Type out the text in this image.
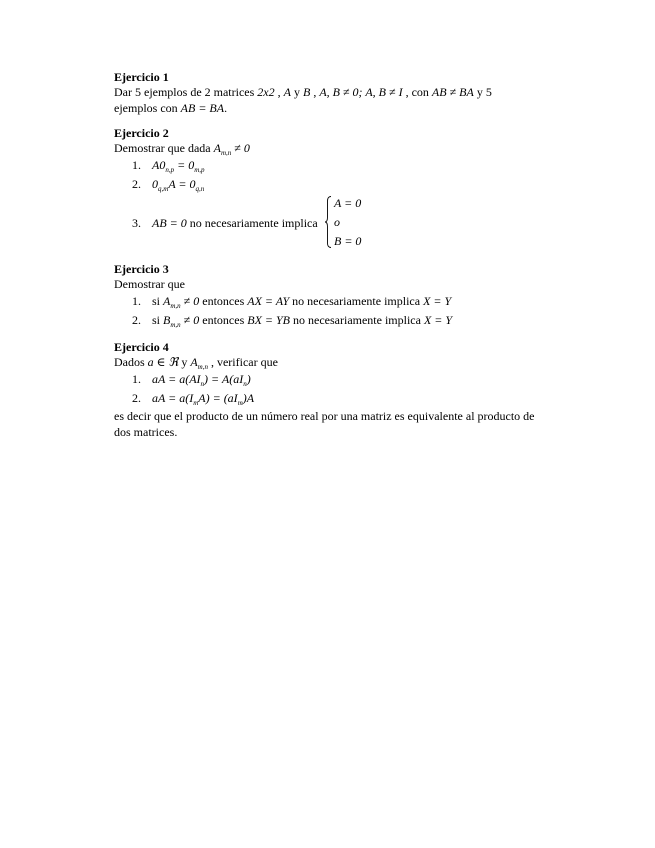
Ejercicio 1
Dar 5 ejemplos de 2 matrices 2x2 , A y B , A, B ≠ 0; A, B ≠ I , con AB ≠ BA y 5
ejemplos con AB = BA.
Ejercicio 2
Demostrar que dada $A_{m,n} \ne 0$
1. $A0_{n,p} = 0_{m,p}$
2. $0_{q,m}A = 0_{q,n}$
3. AB = 0 no necesariamente implica
A = 0
o
B = 0
Ejercicio 3
Demostrar que
1. si $A_{m,n} \ne 0$ entonces AX = AY no necesariamente implica X = Y
2. si $B_{m,n} \ne 0$ entonces BX = YB no necesariamente implica X = Y
Ejercicio 4
Dados a ∈ ℜ y $A_{m,n}$ , verificar que
1. aA = $a(AI_n) = A(aI_n)$
2. aA = $a(I_mA) = (aI_m)A$
es decir que el producto de un número real por una matriz es equivalente al producto de dos matrices.
